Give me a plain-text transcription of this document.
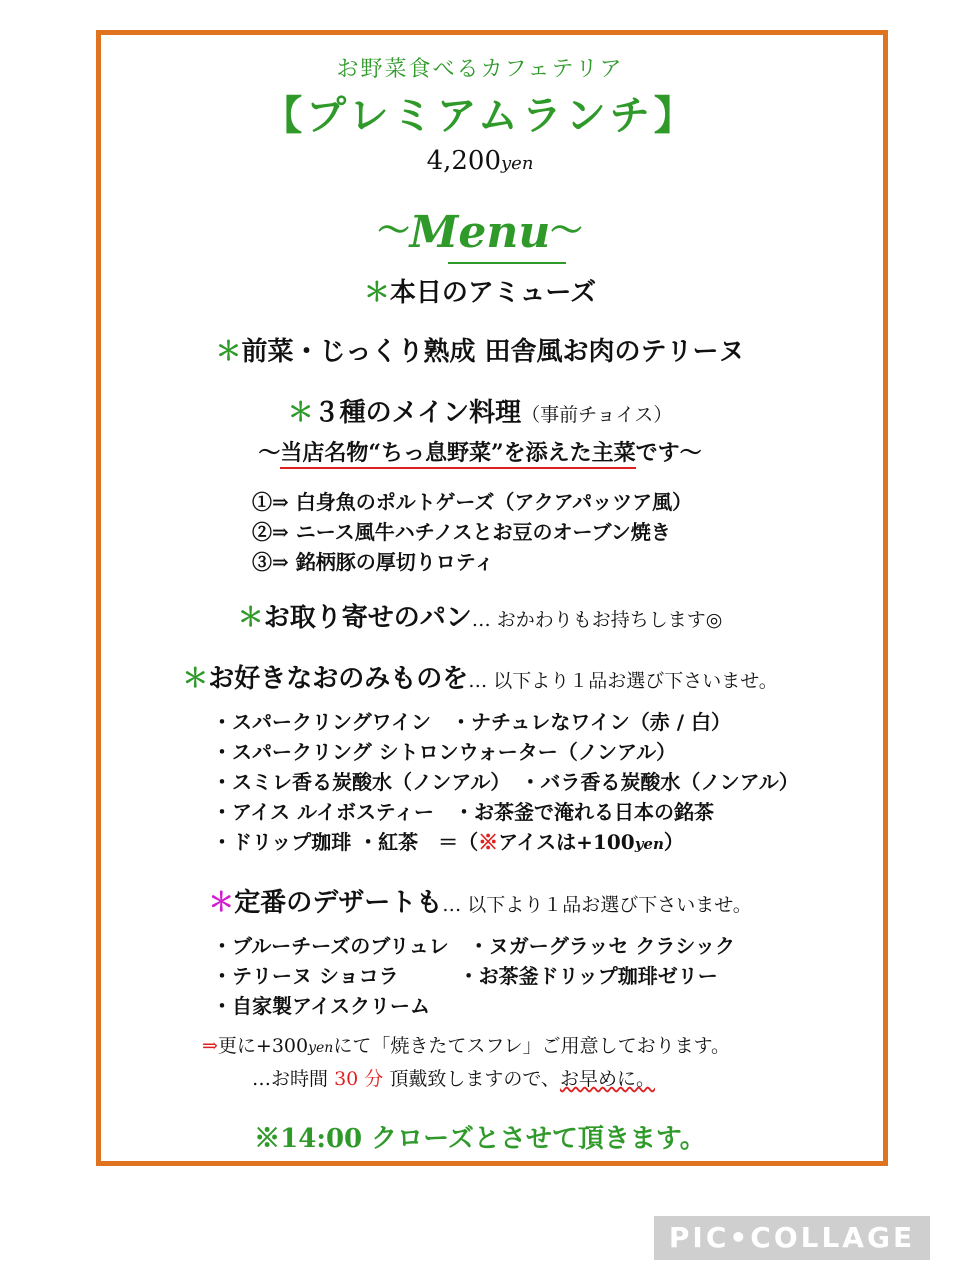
お野菜食べるカフェテリア
【プレミアムランチ】
4,200yen
〜Menu〜
＊本日のアミューズ
＊前菜・じっくり熟成 田舎風お肉のテリーヌ
＊３種のメイン料理（事前チョイス）
〜当店名物“ちっ息野菜”を添えた主菜です〜
①⇒ 白身魚のポルトゲーズ（アクアパッツア風）
②⇒ ニース風牛ハチノスとお豆のオーブン焼き
③⇒ 銘柄豚の厚切りロティ
＊お取り寄せのパン… おかわりもお持ちします◎
＊お好きなおのみものを… 以下より１品お選び下さいませ。
・スパークリングワイン　・ナチュレなワイン（赤 / 白）
・スパークリング シトロンウォーター（ノンアル）
・スミレ香る炭酸水（ノンアル）　・バラ香る炭酸水（ノンアル）
・アイス ルイボスティー　・お茶釜で淹れる日本の銘茶
・ドリップ珈琲 ・紅茶　＝（※アイスは+100yen）
＊定番のデザートも… 以下より１品お選び下さいませ。
・ブルーチーズのブリュレ　・ヌガーグラッセ クラシック
・テリーヌ ショコラ　　　・お茶釜ドリップ珈琲ゼリー
・自家製アイスクリーム
⇒更に+300yenにて「焼きたてスフレ」ご用意しております。
…お時間 30 分 頂戴致しますので、お早めに。
※14:00 クローズとさせて頂きます。
PIC•COLLAGE
